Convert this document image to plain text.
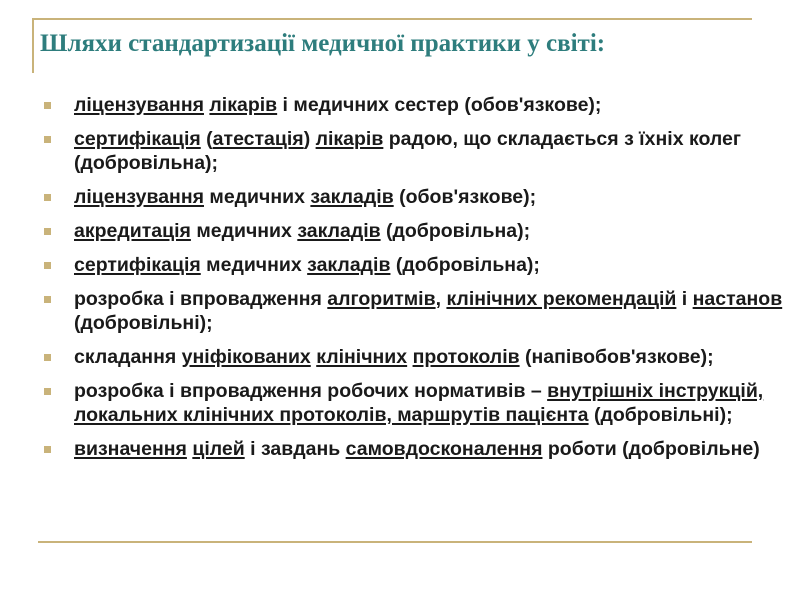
Шляхи стандартизації медичної практики у світі:
ліцензування лікарів і медичних сестер (обов'язкове);
сертифікація (атестація) лікарів радою, що складається з їхніх колег (добровільна);
ліцензування медичних закладів (обов'язкове);
акредитація медичних закладів (добровільна);
сертифікація медичних закладів (добровільна);
розробка і впровадження алгоритмів, клінічних рекомендацій і настанов (добровільні);
складання уніфікованих клінічних протоколів (напівобов'язкове);
розробка і впровадження робочих нормативів – внутрішніх інструкцій, локальних клінічних протоколів, маршрутів пацієнта (добровільні);
визначення цілей і завдань самовдосконалення роботи (добровільне)
